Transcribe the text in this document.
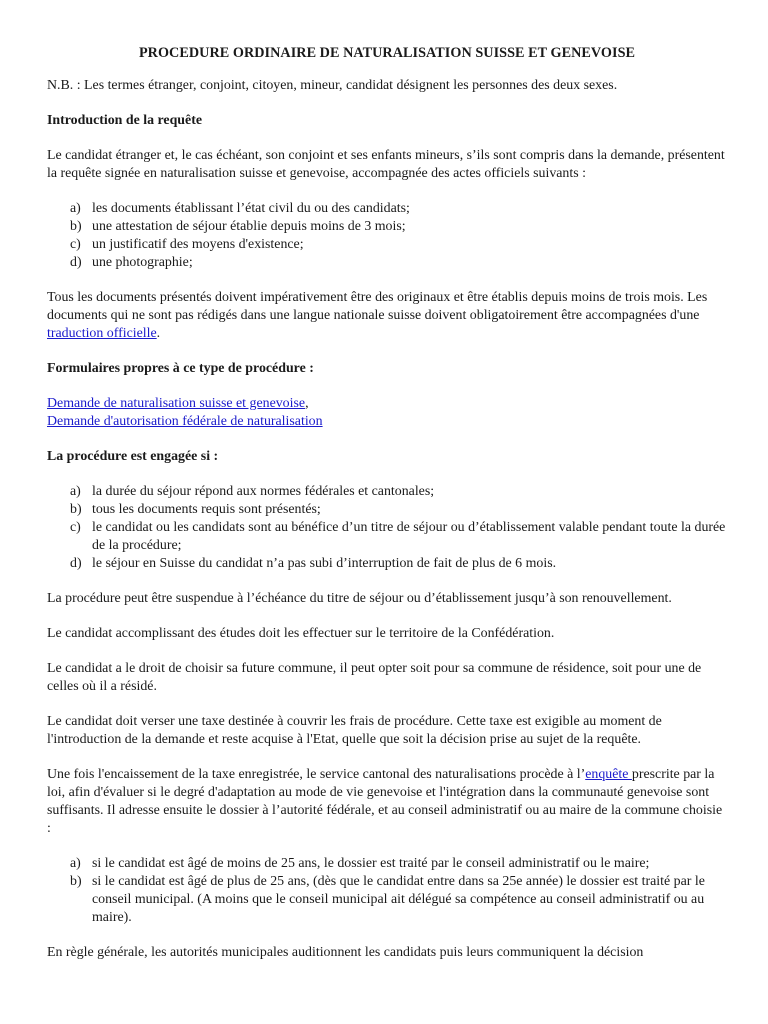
PROCEDURE ORDINAIRE DE NATURALISATION SUISSE ET GENEVOISE

N.B. : Les termes étranger, conjoint, citoyen, mineur, candidat désignent les personnes des deux sexes.

Introduction de la requête

Le candidat étranger et, le cas échéant, son conjoint et ses enfants mineurs, s’ils sont compris dans la demande, présentent la requête signée en naturalisation suisse et genevoise, accompagnée des actes officiels suivants :

a) les documents établissant l’état civil du ou des candidats;
b) une attestation de séjour établie depuis moins de 3 mois;
c) un justificatif des moyens d'existence;
d) une photographie;

Tous les documents présentés doivent impérativement être des originaux et être établis depuis moins de trois mois. Les documents qui ne sont pas rédigés dans une langue nationale suisse doivent obligatoirement être accompagnées d'une traduction officielle.

Formulaires propres à ce type de procédure :

Demande de naturalisation suisse et genevoise,
Demande d'autorisation fédérale de naturalisation

La procédure est engagée si :

a) la durée du séjour répond aux normes fédérales et cantonales;
b) tous les documents requis sont présentés;
c) le candidat ou les candidats sont au bénéfice d’un titre de séjour ou d’établissement valable pendant toute la durée de la procédure;
d) le séjour en Suisse du candidat n’a pas subi d’interruption de fait de plus de 6 mois.

La procédure peut être suspendue à l’échéance du titre de séjour ou d’établissement jusqu’à son renouvellement.

Le candidat accomplissant des études doit les effectuer sur le territoire de la Confédération.

Le candidat a le droit de choisir sa future commune, il peut opter soit pour sa commune de résidence, soit pour une de celles où il a résidé.

Le candidat doit verser une taxe destinée à couvrir les frais de procédure. Cette taxe est exigible au moment de l'introduction de la demande et reste acquise à l'Etat, quelle que soit la décision prise au sujet de la requête.

Une fois l'encaissement de la taxe enregistrée, le service cantonal des naturalisations procède à l’enquête prescrite par la loi, afin d'évaluer si le degré d'adaptation au mode de vie genevoise et l'intégration dans la communauté genevoise sont suffisants. Il adresse ensuite le dossier à l’autorité fédérale, et au conseil administratif ou au maire de la commune choisie :

a) si le candidat est âgé de moins de 25 ans, le dossier est traité par le conseil administratif ou le maire;
b) si le candidat est âgé de plus de 25 ans, (dès que le candidat entre dans sa 25e année) le dossier est traité par le conseil municipal. (A moins que le conseil municipal ait délégué sa compétence au conseil administratif ou au maire).

En règle générale, les autorités municipales auditionnent les candidats puis leurs communiquent la décision
